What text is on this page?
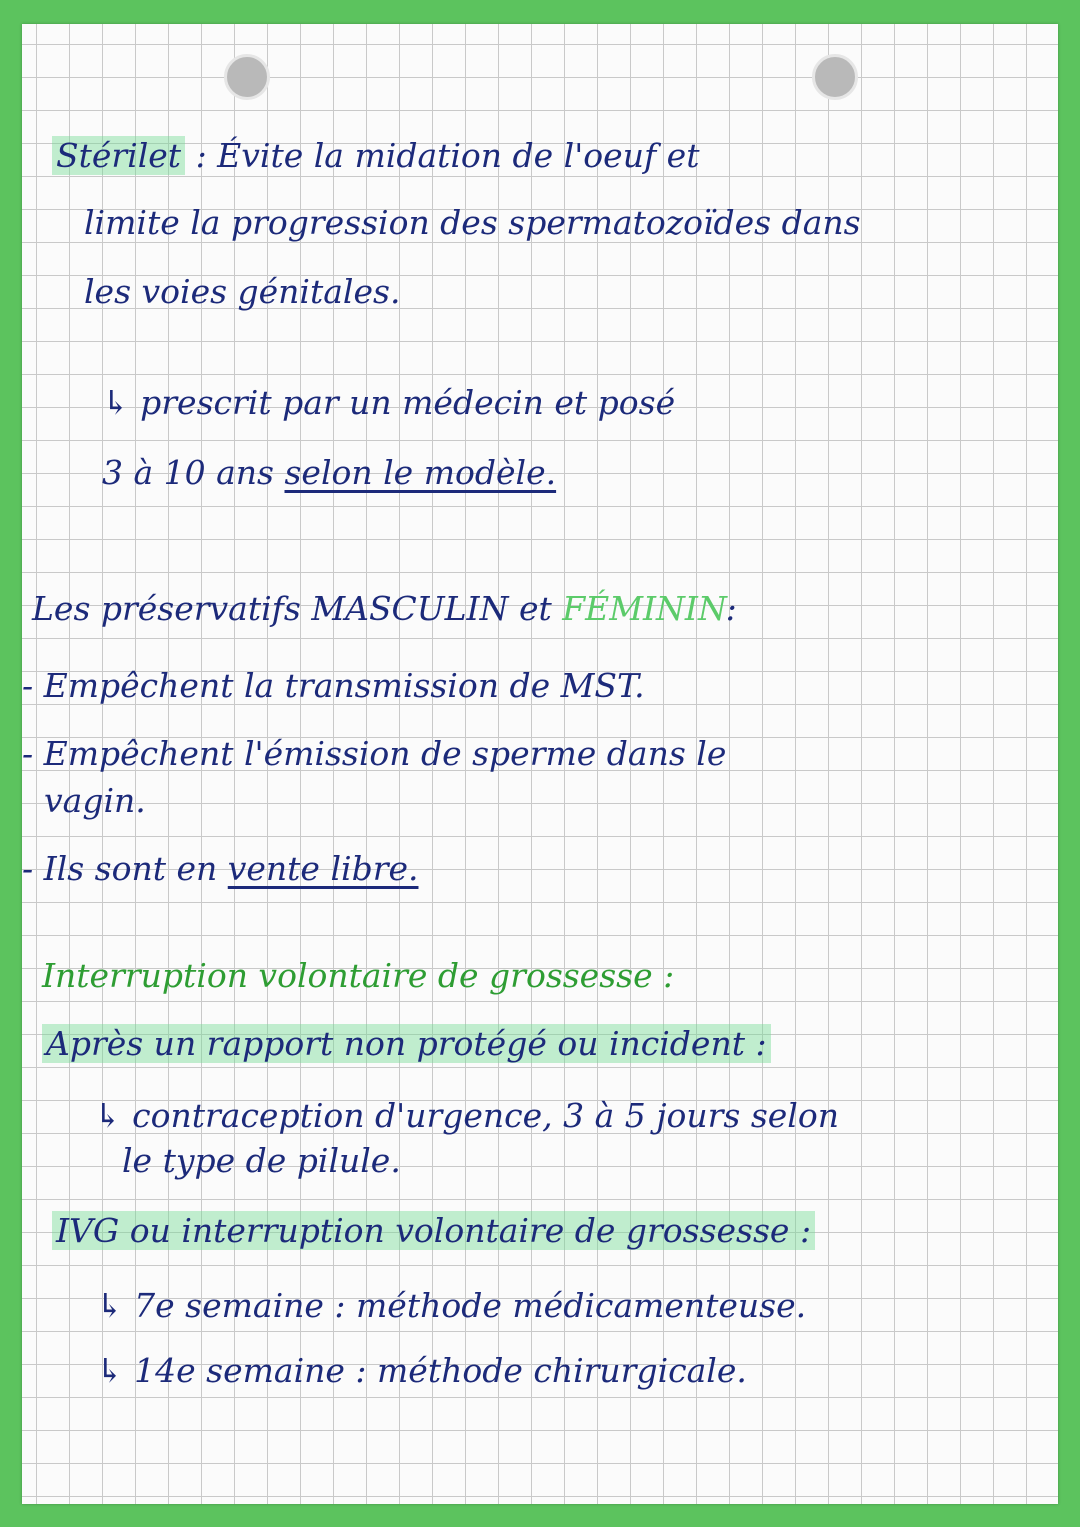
Stérilet : Évite la midation de l'oeuf et
limite la progression des spermatozoïdes dans
les voies génitales.
↳ prescrit par un médecin et posé
3 à 10 ans selon le modèle.
Les préservatifs MASCULIN et FÉMININ:
- Empêchent la transmission de MST.
- Empêchent l'émission de sperme dans le
vagin.
- Ils sont en vente libre.
Interruption volontaire de grossesse :
Après un rapport non protégé ou incident :
↳ contraception d'urgence, 3 à 5 jours selon
le type de pilule.
IVG ou interruption volontaire de grossesse :
↳ 7e semaine : méthode médicamenteuse.
↳ 14e semaine : méthode chirurgicale.
